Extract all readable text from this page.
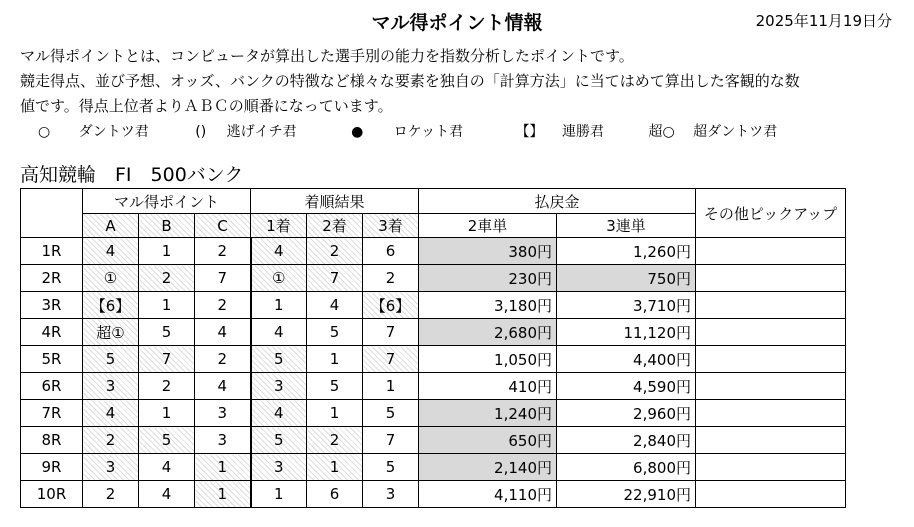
マル得ポイント情報	2025年11月19日分
マル得ポイントとは、コンピュータが算出した選手別の能力を指数分析したポイントです。
競走得点、並び予想、オッズ、バンクの特徴など様々な要素を独自の「計算方法」に当てはめて算出した客観的な数
値です。得点上位者よりＡＢＣの順番になっています。
○ ダントツ君	() 逃げイチ君	● ロケット君	【】 連勝君	超○ 超ダントツ君
高知競輪　FI　500バンク
	マル得ポイント			着順結果			払戻金		その他ピックアップ
	A	B	C	1着	2着	3着	2車単	3連単	
1R	4	1	2	4	2	6	380円	1,260円	
2R	①	2	7	①	7	2	230円	750円	
3R	【6】	1	2	1	4	【6】	3,180円	3,710円	
4R	超①	5	4	4	5	7	2,680円	11,120円	
5R	5	7	2	5	1	7	1,050円	4,400円	
6R	3	2	4	3	5	1	410円	4,590円	
7R	4	1	3	4	1	5	1,240円	2,960円	
8R	2	5	3	5	2	7	650円	2,840円	
9R	3	4	1	3	1	5	2,140円	6,800円	
10R	2	4	1	1	6	3	4,110円	22,910円	
